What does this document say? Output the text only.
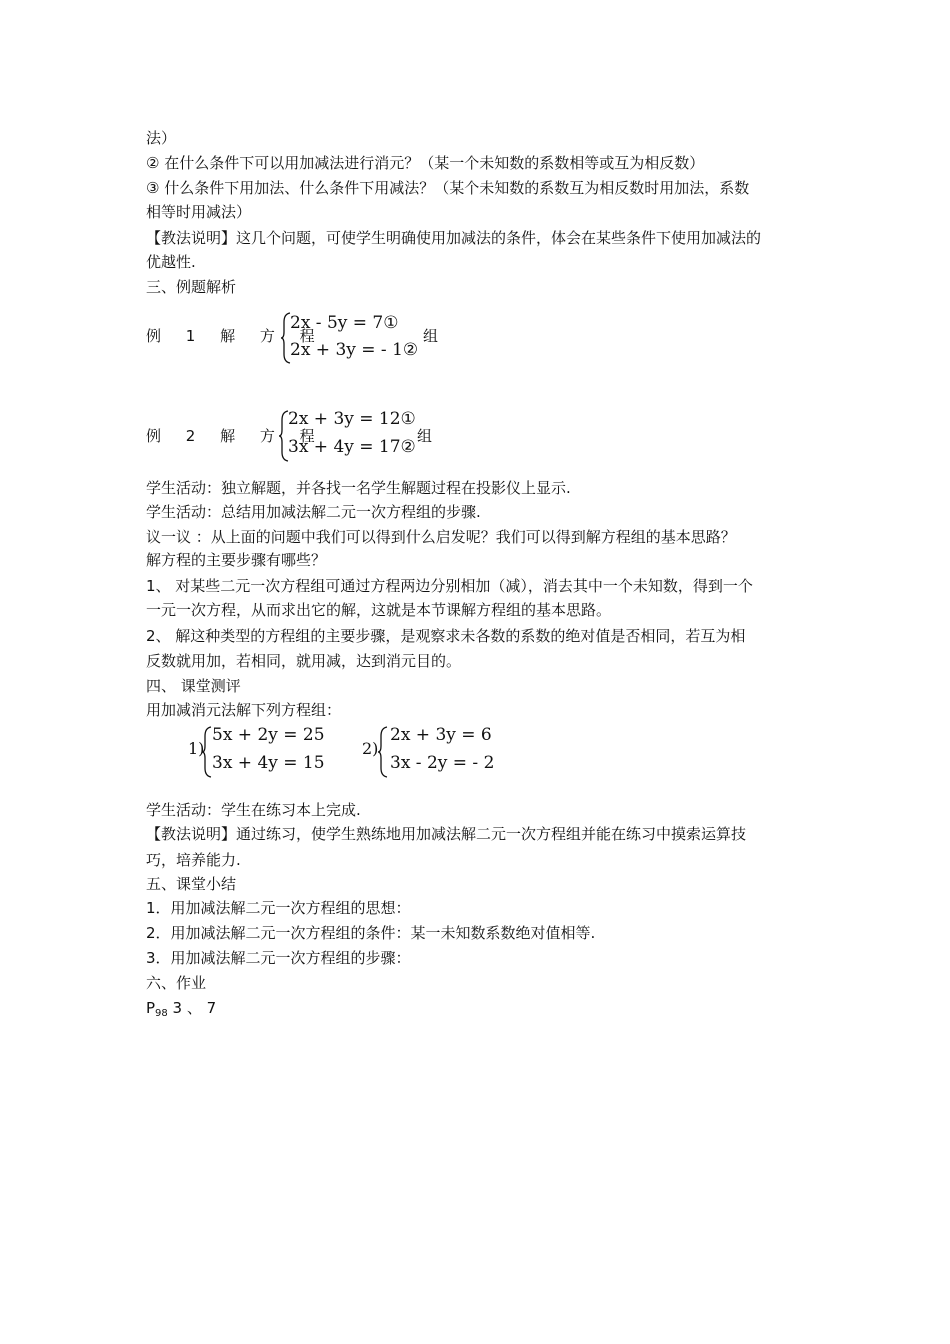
法）
② 在什么条件下可以用加减法进行消元？（某一个未知数的系数相等或互为相反数）
③ 什么条件下用加法、什么条件下用减法？（某个未知数的系数互为相反数时用加法，系数
相等时用减法）
【教法说明】这几个问题，可使学生明确使用加减法的条件，体会在某些条件下使用加减法的
优越性.
三、例题解析
例 1 解 方 程
2x - 5y = 7①
2x + 3y = - 1②
组
例 2 解 方 程
2x + 3y = 12①
3x + 4y = 17②
组
学生活动：独立解题，并各找一名学生解题过程在投影仪上显示.
学生活动：总结用加减法解二元一次方程组的步骤.
议一议 ：从上面的问题中我们可以得到什么启发呢？我们可以得到解方程组的基本思路？
解方程的主要步骤有哪些？
1、 对某些二元一次方程组可通过方程两边分别相加（减），消去其中一个未知数，得到一个
一元一次方程，从而求出它的解，这就是本节课解方程组的基本思路。
2、 解这种类型的方程组的主要步骤，是观察求未各数的系数的绝对值是否相同，若互为相
反数就用加，若相同，就用减，达到消元目的。
四、 课堂测评
用加减消元法解下列方程组：
1)
5x + 2y = 25
3x + 4y = 15
2)
2x + 3y = 6
3x - 2y = - 2
学生活动：学生在练习本上完成.
【教法说明】通过练习，使学生熟练地用加减法解二元一次方程组并能在练习中摸索运算技
巧，培养能力.
五、课堂小结
1．用加减法解二元一次方程组的思想：
2．用加减法解二元一次方程组的条件：某一未知数系数绝对值相等.
3．用加减法解二元一次方程组的步骤：
六、作业
$P_{98}$ 3 、 7
